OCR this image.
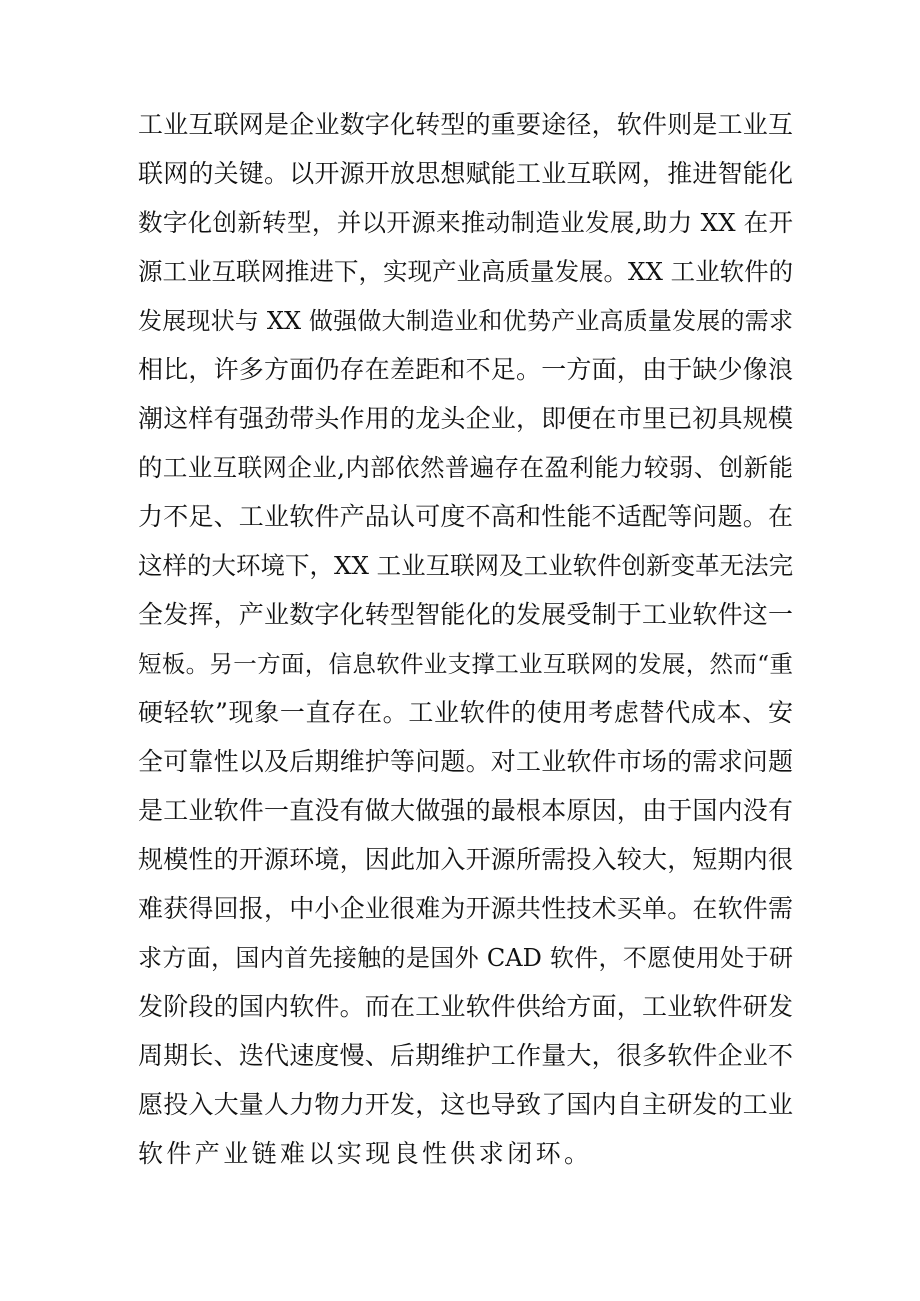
工业互联网是企业数字化转型的重要途径，软件则是工业互
联网的关键。以开源开放思想赋能工业互联网，推进智能化
数字化创新转型，并以开源来推动制造业发展,助力 XX 在开
源工业互联网推进下，实现产业高质量发展。XX 工业软件的
发展现状与 XX 做强做大制造业和优势产业高质量发展的需求
相比，许多方面仍存在差距和不足。一方面，由于缺少像浪
潮这样有强劲带头作用的龙头企业，即便在市里已初具规模
的工业互联网企业,内部依然普遍存在盈利能力较弱、创新能
力不足、工业软件产品认可度不高和性能不适配等问题。在
这样的大环境下，XX 工业互联网及工业软件创新变革无法完
全发挥，产业数字化转型智能化的发展受制于工业软件这一
短板。另一方面，信息软件业支撑工业互联网的发展，然而“重
硬轻软”现象一直存在。工业软件的使用考虑替代成本、安
全可靠性以及后期维护等问题。对工业软件市场的需求问题
是工业软件一直没有做大做强的最根本原因，由于国内没有
规模性的开源环境，因此加入开源所需投入较大，短期内很
难获得回报，中小企业很难为开源共性技术买单。在软件需
求方面，国内首先接触的是国外 CAD 软件，不愿使用处于研
发阶段的国内软件。而在工业软件供给方面，工业软件研发
周期长、迭代速度慢、后期维护工作量大，很多软件企业不
愿投入大量人力物力开发，这也导致了国内自主研发的工业
软件产业链难以实现良性供求闭环。
